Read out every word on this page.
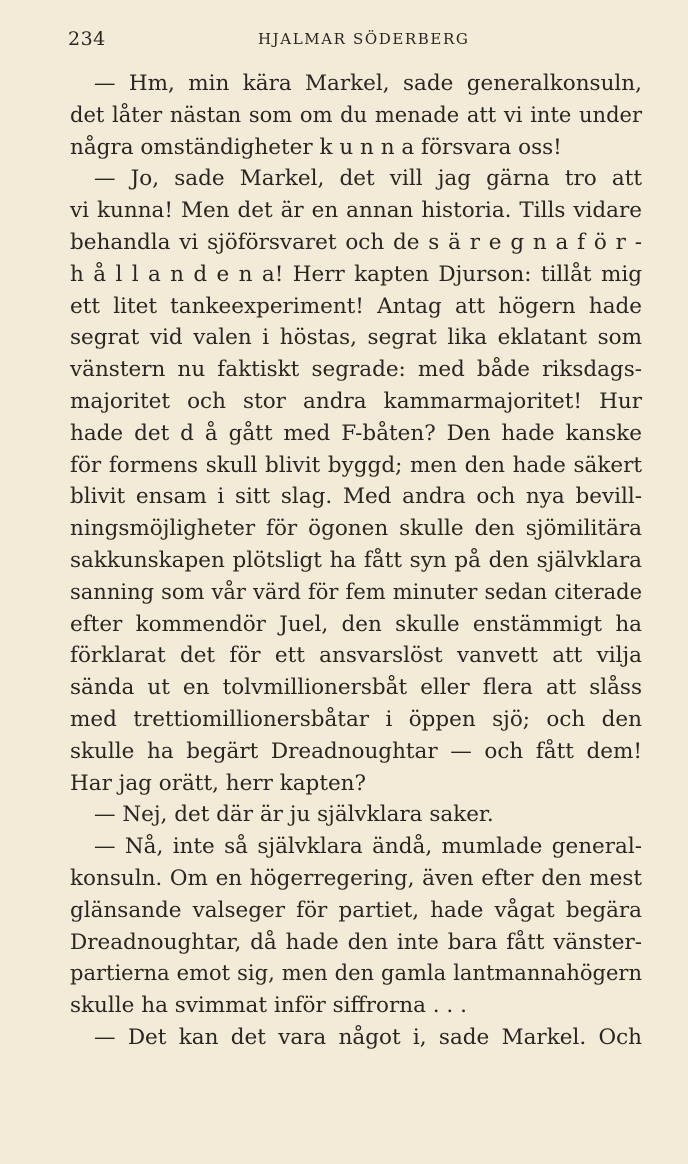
234	HJALMAR SÖDERBERG
— Hm, min kära Markel, sade generalkonsuln,
det låter nästan som om du menade att vi inte under
några omständigheter k u n n a försvara oss!
— Jo, sade Markel, det vill jag gärna tro att
vi kunna! Men det är en annan historia. Tills vidare
behandla vi sjöförsvaret och de s ä r e g n a f ö r -
h å l l a n d e n a! Herr kapten Djurson: tillåt mig
ett litet tankeexperiment! Antag att högern hade
segrat vid valen i höstas, segrat lika eklatant som
vänstern nu faktiskt segrade: med både riksdags-
majoritet och stor andra kammarmajoritet! Hur
hade det d å gått med F-båten? Den hade kanske
för formens skull blivit byggd; men den hade säkert
blivit ensam i sitt slag. Med andra och nya bevill-
ningsmöjligheter för ögonen skulle den sjömilitära
sakkunskapen plötsligt ha fått syn på den självklara
sanning som vår värd för fem minuter sedan citerade
efter kommendör Juel, den skulle enstämmigt ha
förklarat det för ett ansvarslöst vanvett att vilja
sända ut en tolvmillionersbåt eller flera att slåss
med trettiomillionersbåtar i öppen sjö; och den
skulle ha begärt Dreadnoughtar — och fått dem!
Har jag orätt, herr kapten?
— Nej, det där är ju självklara saker.
— Nå, inte så självklara ändå, mumlade general-
konsuln. Om en högerregering, även efter den mest
glänsande valseger för partiet, hade vågat begära
Dreadnoughtar, då hade den inte bara fått vänster-
partierna emot sig, men den gamla lantmannahögern
skulle ha svimmat inför siffrorna . . .
— Det kan det vara något i, sade Markel. Och
